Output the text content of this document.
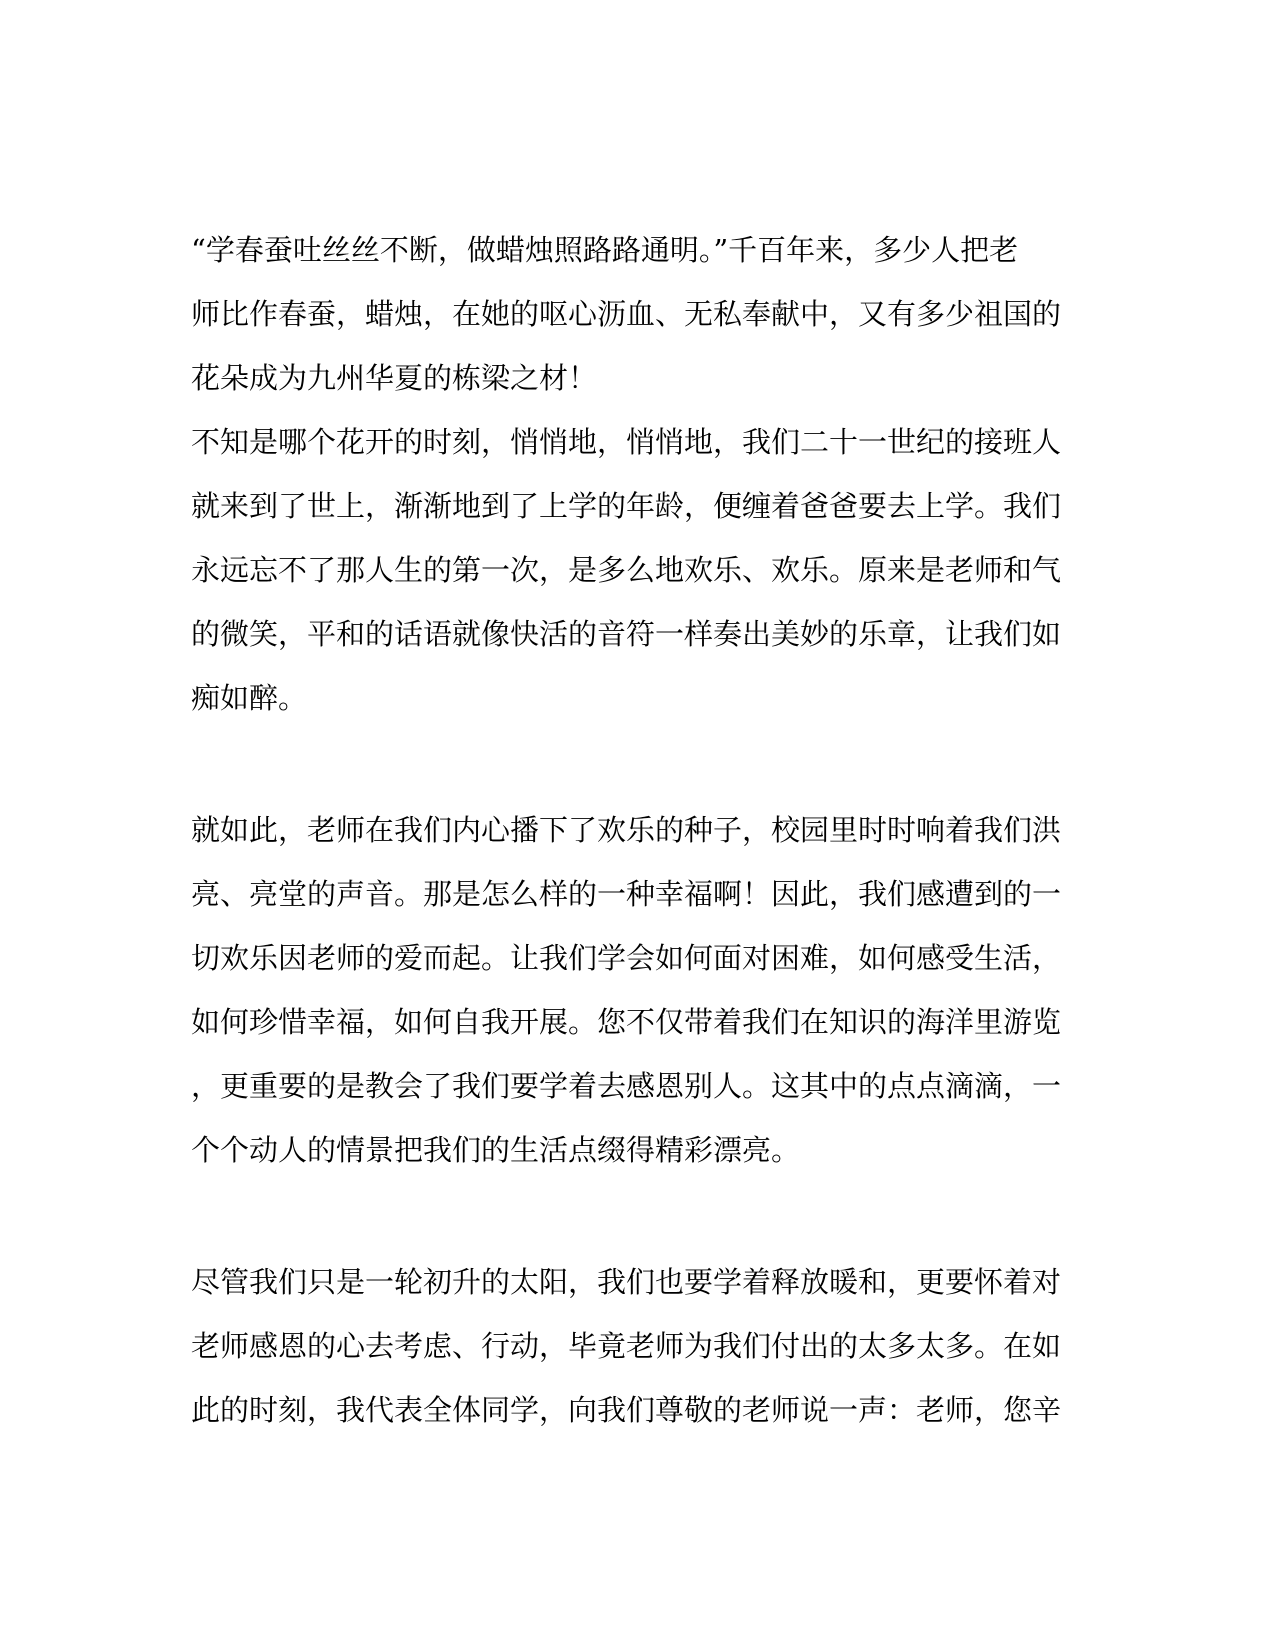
“学春蚕吐丝丝不断，做蜡烛照路路通明。”千百年来，多少人把老
师比作春蚕，蜡烛，在她的呕心沥血、无私奉献中，又有多少祖国的
花朵成为九州华夏的栋梁之材！
不知是哪个花开的时刻，悄悄地，悄悄地，我们二十一世纪的接班人
就来到了世上，渐渐地到了上学的年龄，便缠着爸爸要去上学。我们
永远忘不了那人生的第一次，是多么地欢乐、欢乐。原来是老师和气
的微笑，平和的话语就像快活的音符一样奏出美妙的乐章，让我们如
痴如醉。
就如此，老师在我们内心播下了欢乐的种子，校园里时时响着我们洪
亮、亮堂的声音。那是怎么样的一种幸福啊！因此，我们感遭到的一
切欢乐因老师的爱而起。让我们学会如何面对困难，如何感受生活，
如何珍惜幸福，如何自我开展。您不仅带着我们在知识的海洋里游览
，更重要的是教会了我们要学着去感恩别人。这其中的点点滴滴，一
个个动人的情景把我们的生活点缀得精彩漂亮。
尽管我们只是一轮初升的太阳，我们也要学着释放暖和，更要怀着对
老师感恩的心去考虑、行动，毕竟老师为我们付出的太多太多。在如
此的时刻，我代表全体同学，向我们尊敬的老师说一声：老师，您辛
